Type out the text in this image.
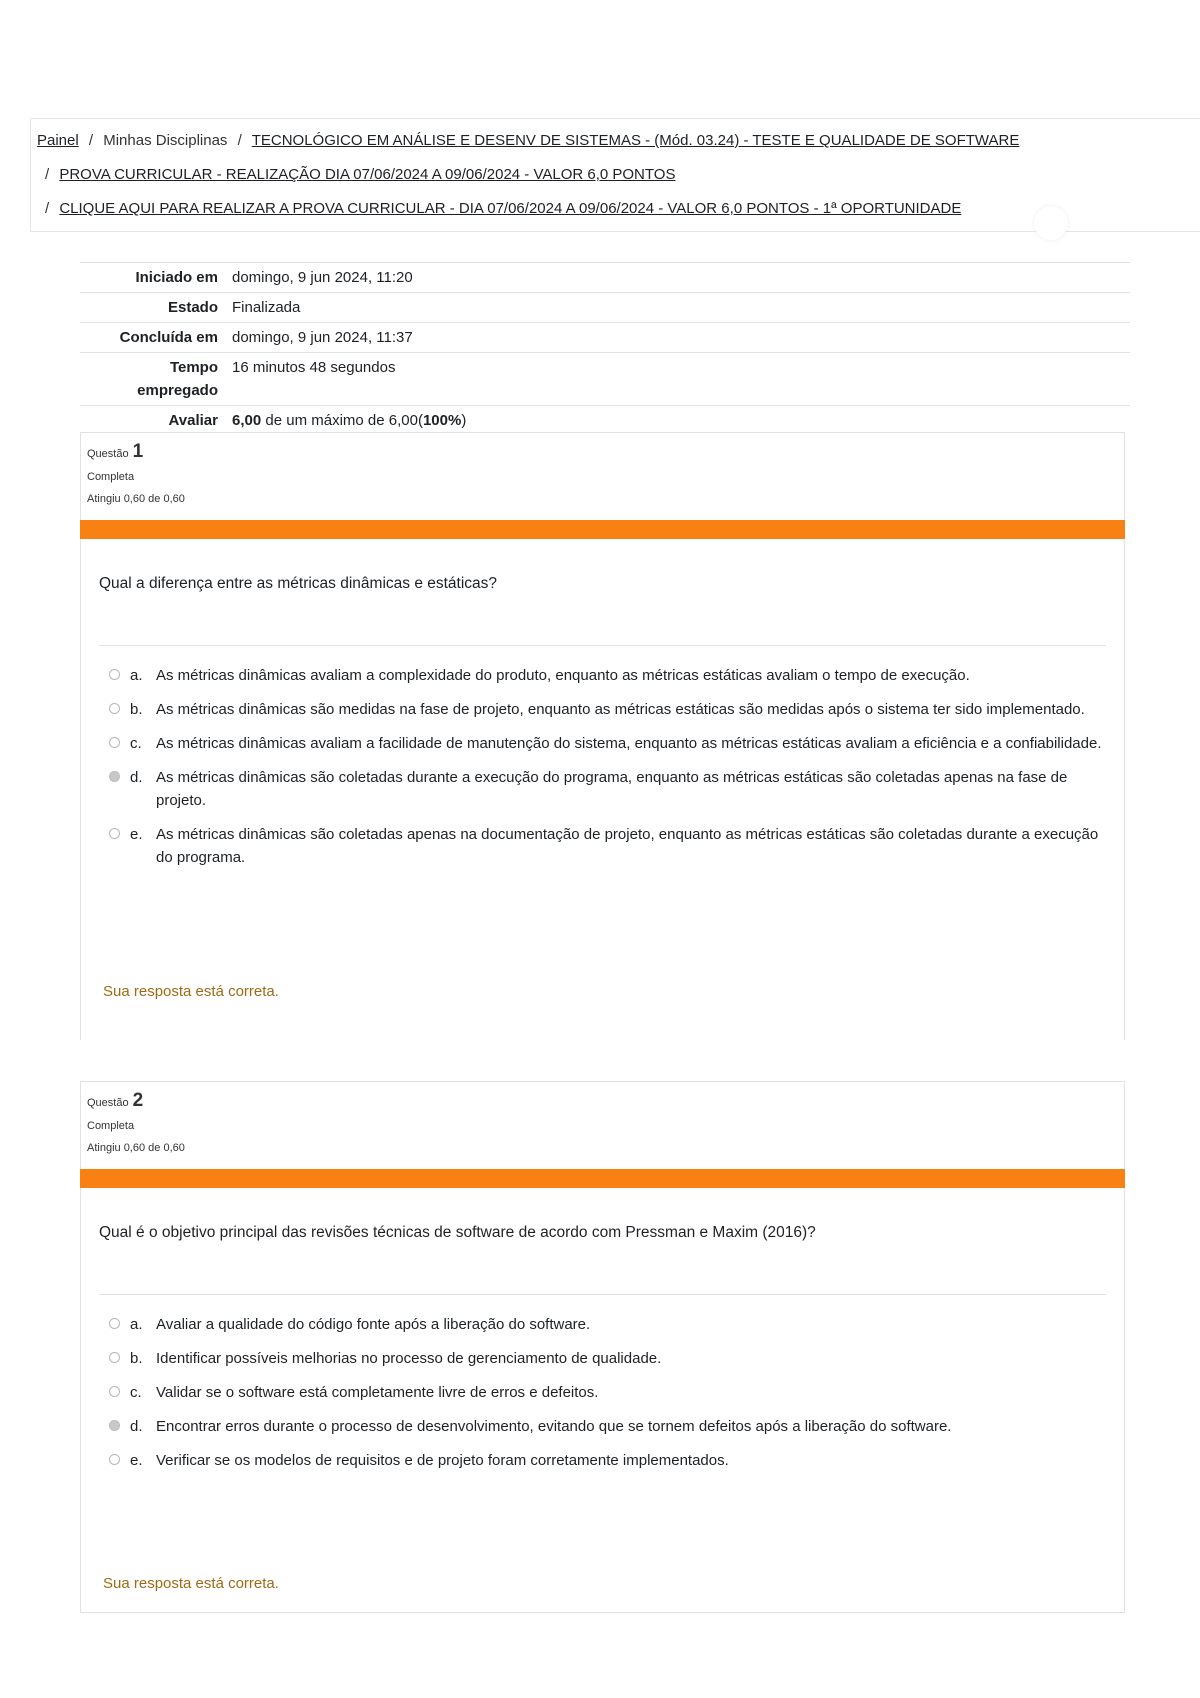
Painel / Minhas Disciplinas / TECNOLÓGICO EM ANÁLISE E DESENV DE SISTEMAS - (Mód. 03.24) - TESTE E QUALIDADE DE SOFTWARE
/ PROVA CURRICULAR - REALIZAÇÃO DIA 07/06/2024 A 09/06/2024 - VALOR 6,0 PONTOS
/ CLIQUE AQUI PARA REALIZAR A PROVA CURRICULAR - DIA 07/06/2024 A 09/06/2024 - VALOR 6,0 PONTOS - 1ª OPORTUNIDADE
Iniciado em domingo, 9 jun 2024, 11:20
Estado Finalizada
Concluída em domingo, 9 jun 2024, 11:37
Tempo
empregado
16 minutos 48 segundos
Avaliar 6,00 de um máximo de 6,00(100%)
Questão 1
Completa
Atingiu 0,60 de 0,60
Qual a diferença entre as métricas dinâmicas e estáticas?
a. As métricas dinâmicas avaliam a complexidade do produto, enquanto as métricas estáticas avaliam o tempo de execução.
b. As métricas dinâmicas são medidas na fase de projeto, enquanto as métricas estáticas são medidas após o sistema ter sido implementado.
c. As métricas dinâmicas avaliam a facilidade de manutenção do sistema, enquanto as métricas estáticas avaliam a eficiência e a confiabilidade.
d. As métricas dinâmicas são coletadas durante a execução do programa, enquanto as métricas estáticas são coletadas apenas na fase de projeto.
e. As métricas dinâmicas são coletadas apenas na documentação de projeto, enquanto as métricas estáticas são coletadas durante a execução do programa.
Sua resposta está correta.
Questão 2
Completa
Atingiu 0,60 de 0,60
Qual é o objetivo principal das revisões técnicas de software de acordo com Pressman e Maxim (2016)?
a. Avaliar a qualidade do código fonte após a liberação do software.
b. Identificar possíveis melhorias no processo de gerenciamento de qualidade.
c. Validar se o software está completamente livre de erros e defeitos.
d. Encontrar erros durante o processo de desenvolvimento, evitando que se tornem defeitos após a liberação do software.
e. Verificar se os modelos de requisitos e de projeto foram corretamente implementados.
Sua resposta está correta.
